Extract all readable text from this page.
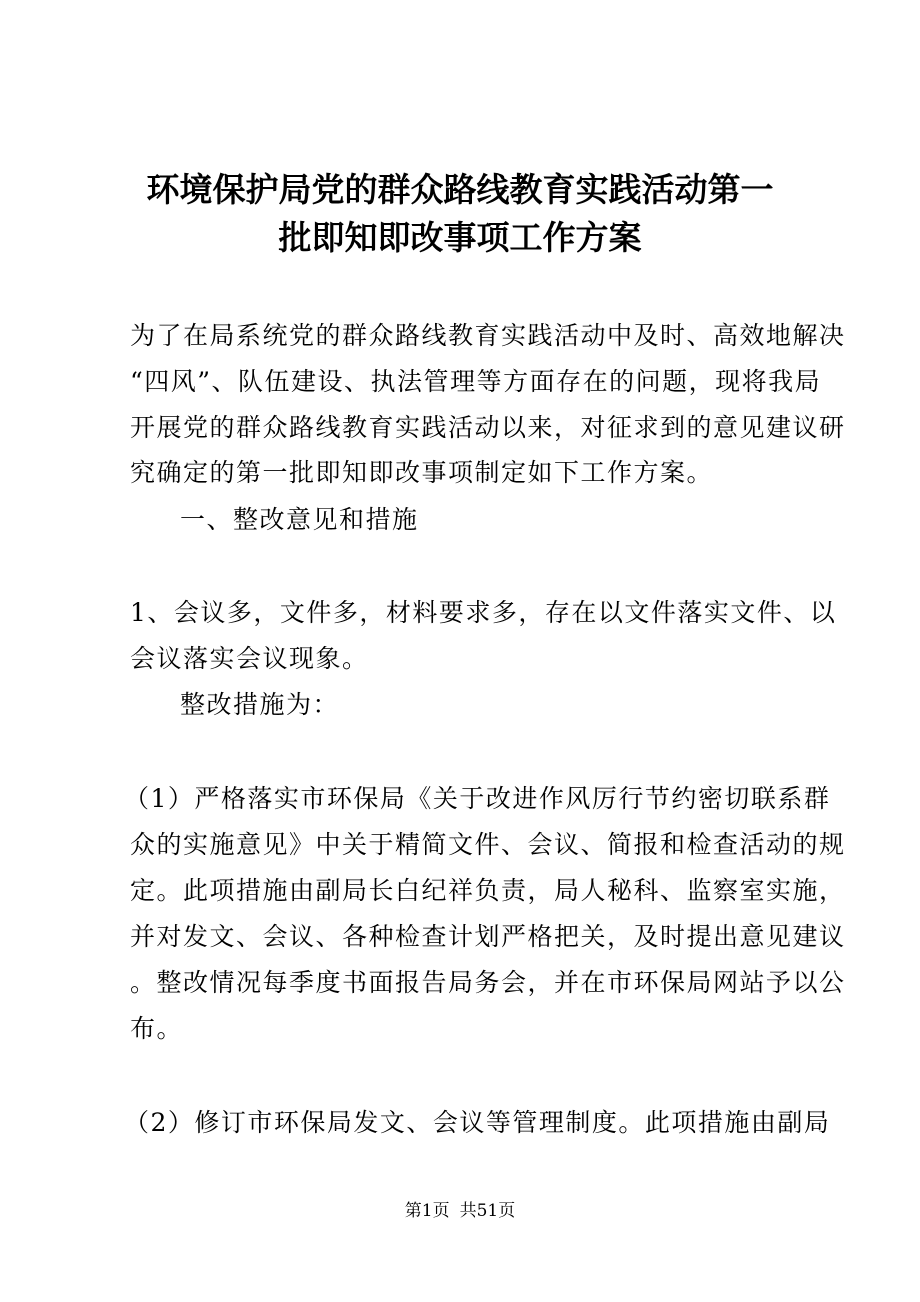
环境保护局党的群众路线教育实践活动第一
批即知即改事项工作方案
为了在局系统党的群众路线教育实践活动中及时、高效地解决
“四风”、队伍建设、执法管理等方面存在的问题，现将我局
开展党的群众路线教育实践活动以来，对征求到的意见建议研
究确定的第一批即知即改事项制定如下工作方案。
一、整改意见和措施
1、会议多，文件多，材料要求多，存在以文件落实文件、以
会议落实会议现象。
整改措施为：
（1）严格落实市环保局《关于改进作风厉行节约密切联系群
众的实施意见》中关于精简文件、会议、简报和检查活动的规
定。此项措施由副局长白纪祥负责，局人秘科、监察室实施，
并对发文、会议、各种检查计划严格把关，及时提出意见建议
。整改情况每季度书面报告局务会，并在市环保局网站予以公
布。
（2）修订市环保局发文、会议等管理制度。此项措施由副局
第1页 共51页
